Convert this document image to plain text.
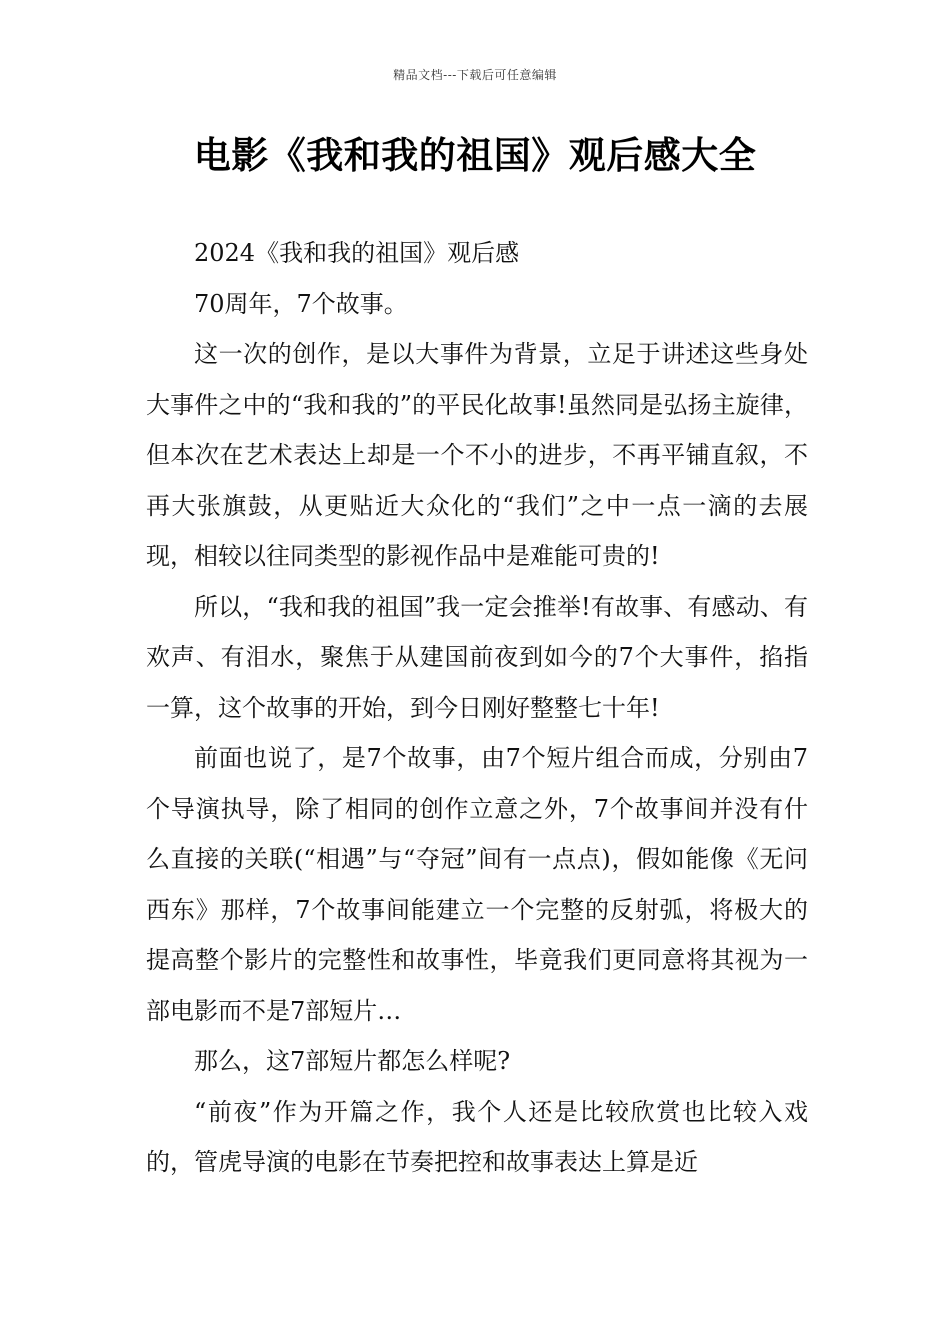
精品文档---下载后可任意编辑
电影《我和我的祖国》观后感大全

2024《我和我的祖国》观后感

70周年，7个故事。

这一次的创作，是以大事件为背景，立足于讲述这些身处大事件之中的“我和我的”的平民化故事!虽然同是弘扬主旋律，但本次在艺术表达上却是一个不小的进步，不再平铺直叙，不再大张旗鼓，从更贴近大众化的“我们”之中一点一滴的去展现，相较以往同类型的影视作品中是难能可贵的!

所以，“我和我的祖国”我一定会推举!有故事、有感动、有欢声、有泪水，聚焦于从建国前夜到如今的7个大事件，掐指一算，这个故事的开始，到今日刚好整整七十年!

前面也说了，是7个故事，由7个短片组合而成，分别由7个导演执导，除了相同的创作立意之外，7个故事间并没有什么直接的关联(“相遇”与“夺冠”间有一点点)，假如能像《无问西东》那样，7个故事间能建立一个完整的反射弧，将极大的提高整个影片的完整性和故事性，毕竟我们更同意将其视为一部电影而不是7部短片…

那么，这7部短片都怎么样呢?

“前夜”作为开篇之作，我个人还是比较欣赏也比较入戏的，管虎导演的电影在节奏把控和故事表达上算是近
